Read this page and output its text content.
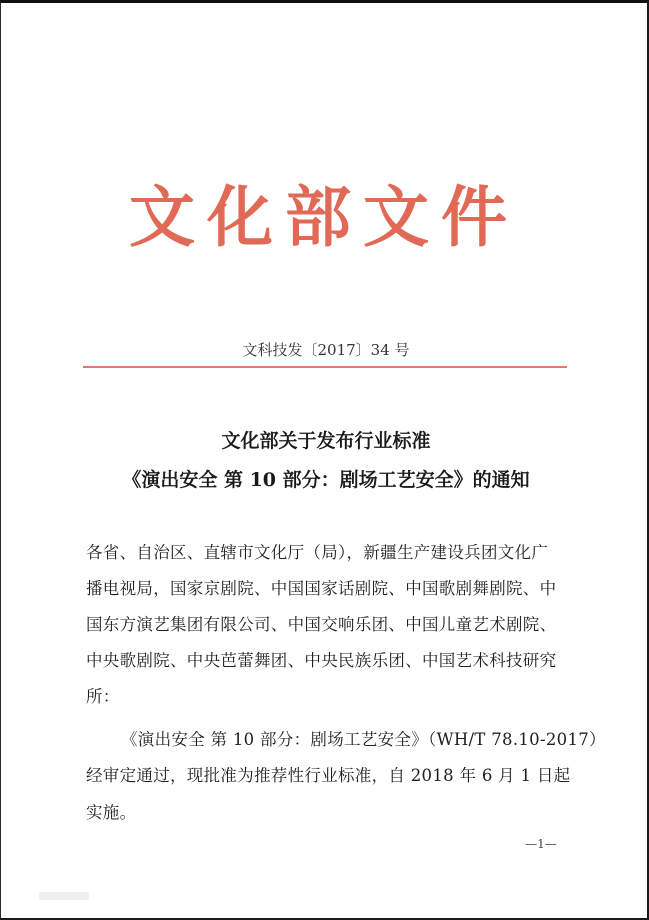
文化部文件
文科技发〔2017〕34 号
文化部关于发布行业标准
《演出安全 第 10 部分：剧场工艺安全》的通知
各省、自治区、直辖市文化厅（局），新疆生产建设兵团文化广
播电视局，国家京剧院、中国国家话剧院、中国歌剧舞剧院、中
国东方演艺集团有限公司、中国交响乐团、中国儿童艺术剧院、
中央歌剧院、中央芭蕾舞团、中央民族乐团、中国艺术科技研究
所：
《演出安全 第 10 部分：剧场工艺安全》（WH/T 78.10-2017）
经审定通过，现批准为推荐性行业标准，自 2018 年 6 月 1 日起
实施。
—1—
